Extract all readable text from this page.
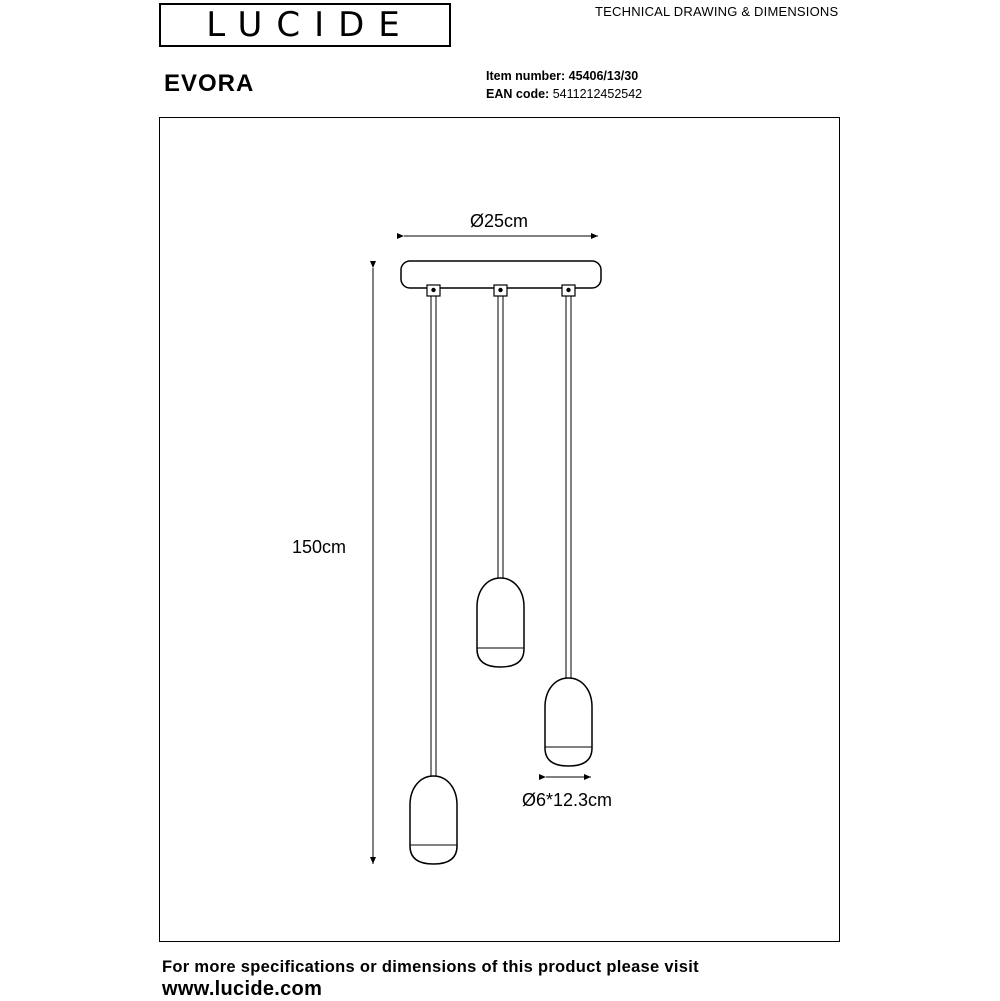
LUCIDE	TECHNICAL DRAWING & DIMENSIONS
EVORA	Item number: 45406/13/30
EAN code: 5411212452542
Ø25cm
150cm
Ø6*12.3cm
For more specifications or dimensions of this product please visit
www.lucide.com
